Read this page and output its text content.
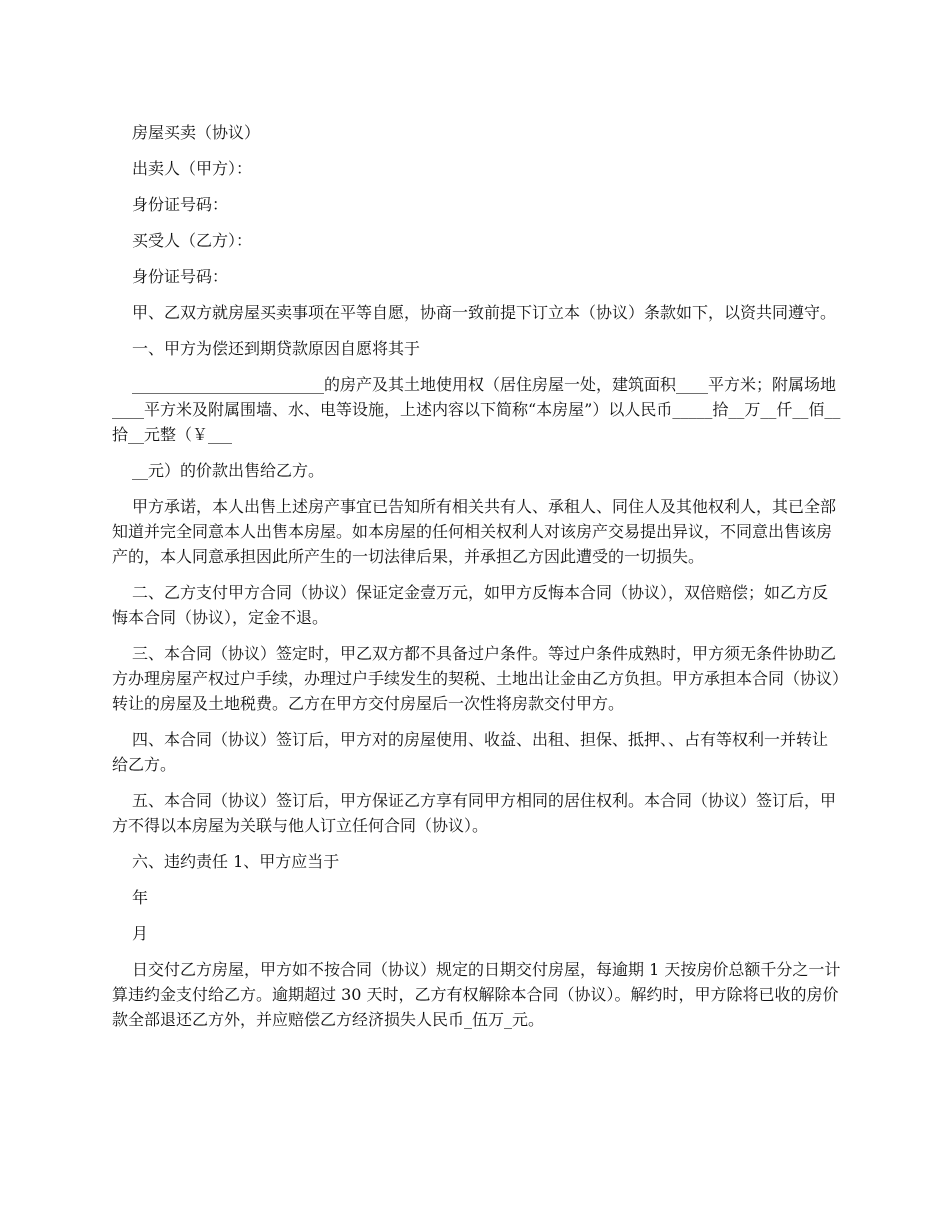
房屋买卖（协议）

出卖人（甲方）：

身份证号码：

买受人（乙方）：

身份证号码：

甲、乙双方就房屋买卖事项在平等自愿，协商一致前提下订立本（协议）条款如下，以资共同遵守。

一、甲方为偿还到期贷款原因自愿将其于

________________________的房产及其土地使用权（居住房屋一处，建筑面积____平方米；附属场地____平方米及附属围墙、水、电等设施，上述内容以下简称“本房屋”）以人民币_____拾__万__仟__佰__拾__元整（￥___

__元）的价款出售给乙方。

甲方承诺，本人出售上述房产事宜已告知所有相关共有人、承租人、同住人及其他权利人，其已全部知道并完全同意本人出售本房屋。如本房屋的任何相关权利人对该房产交易提出异议，不同意出售该房产的，本人同意承担因此所产生的一切法律后果，并承担乙方因此遭受的一切损失。

二、乙方支付甲方合同（协议）保证定金壹万元，如甲方反悔本合同（协议），双倍赔偿；如乙方反悔本合同（协议），定金不退。

三、本合同（协议）签定时，甲乙双方都不具备过户条件。等过户条件成熟时，甲方须无条件协助乙方办理房屋产权过户手续，办理过户手续发生的契税、土地出让金由乙方负担。甲方承担本合同（协议）转让的房屋及土地税费。乙方在甲方交付房屋后一次性将房款交付甲方。

四、本合同（协议）签订后，甲方对的房屋使用、收益、出租、担保、抵押、、占有等权利一并转让给乙方。

五、本合同（协议）签订后，甲方保证乙方享有同甲方相同的居住权利。本合同（协议）签订后，甲方不得以本房屋为关联与他人订立任何合同（协议）。

六、违约责任 1、甲方应当于

年

月

日交付乙方房屋，甲方如不按合同（协议）规定的日期交付房屋，每逾期 1 天按房价总额千分之一计算违约金支付给乙方。逾期超过 30 天时，乙方有权解除本合同（协议）。解约时，甲方除将已收的房价款全部退还乙方外，并应赔偿乙方经济损失人民币_伍万_元。
